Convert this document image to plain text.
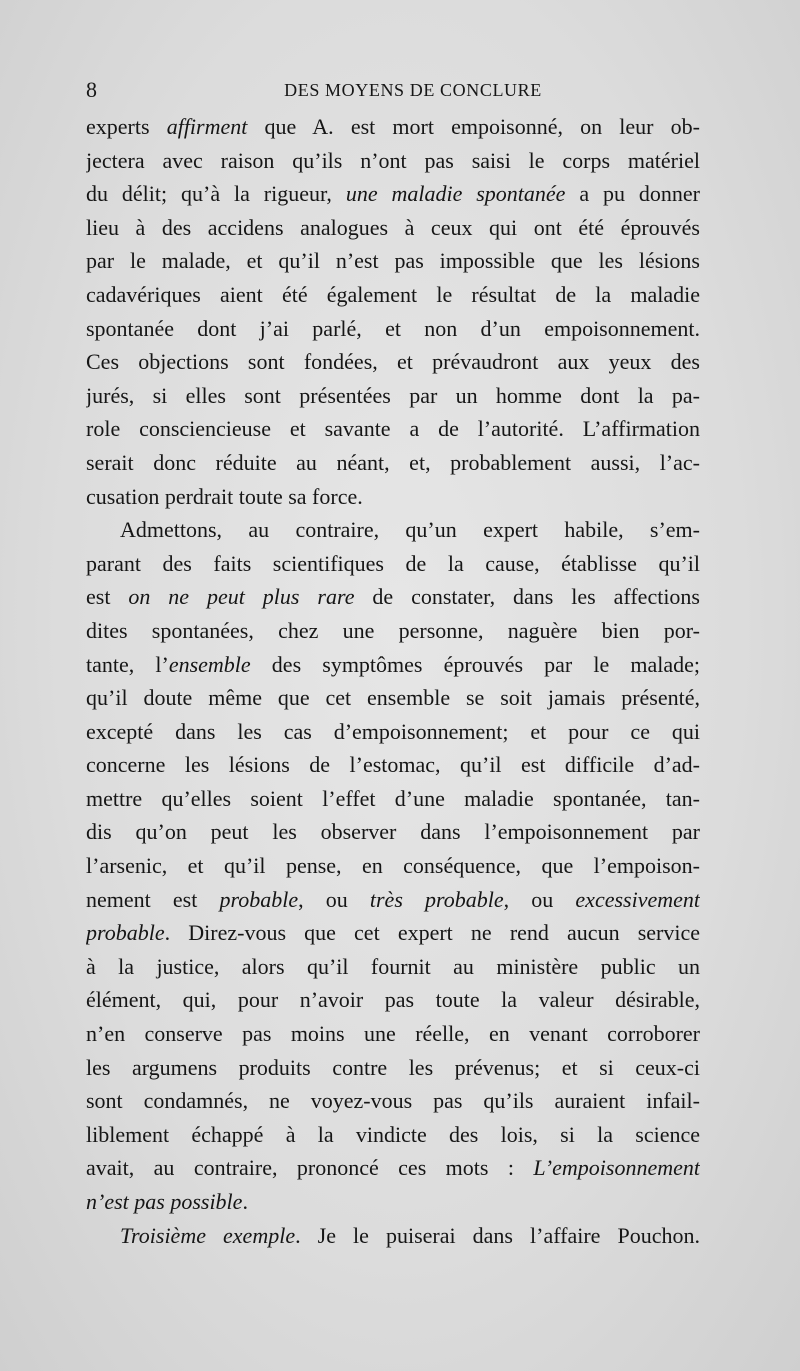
8	DES MOYENS DE CONCLURE
experts affirment que A. est mort empoisonné, on leur ob-
jectera avec raison qu’ils n’ont pas saisi le corps matériel
du délit; qu’à la rigueur, une maladie spontanée a pu donner
lieu à des accidens analogues à ceux qui ont été éprouvés
par le malade, et qu’il n’est pas impossible que les lésions
cadavériques aient été également le résultat de la maladie
spontanée dont j’ai parlé, et non d’un empoisonnement.
Ces objections sont fondées, et prévaudront aux yeux des
jurés, si elles sont présentées par un homme dont la pa-
role consciencieuse et savante a de l’autorité. L’affirmation
serait donc réduite au néant, et, probablement aussi, l’ac-
cusation perdrait toute sa force.
Admettons, au contraire, qu’un expert habile, s’em-
parant des faits scientifiques de la cause, établisse qu’il
est on ne peut plus rare de constater, dans les affections
dites spontanées, chez une personne, naguère bien por-
tante, l’ensemble des symptômes éprouvés par le malade;
qu’il doute même que cet ensemble se soit jamais présenté,
excepté dans les cas d’empoisonnement; et pour ce qui
concerne les lésions de l’estomac, qu’il est difficile d’ad-
mettre qu’elles soient l’effet d’une maladie spontanée, tan-
dis qu’on peut les observer dans l’empoisonnement par
l’arsenic, et qu’il pense, en conséquence, que l’empoison-
nement est probable, ou très probable, ou excessivement
probable. Direz-vous que cet expert ne rend aucun service
à la justice, alors qu’il fournit au ministère public un
élément, qui, pour n’avoir pas toute la valeur désirable,
n’en conserve pas moins une réelle, en venant corroborer
les argumens produits contre les prévenus; et si ceux-ci
sont condamnés, ne voyez-vous pas qu’ils auraient infail-
liblement échappé à la vindicte des lois, si la science
avait, au contraire, prononcé ces mots : L’empoisonnement
n’est pas possible.
Troisième exemple. Je le puiserai dans l’affaire Pouchon.
